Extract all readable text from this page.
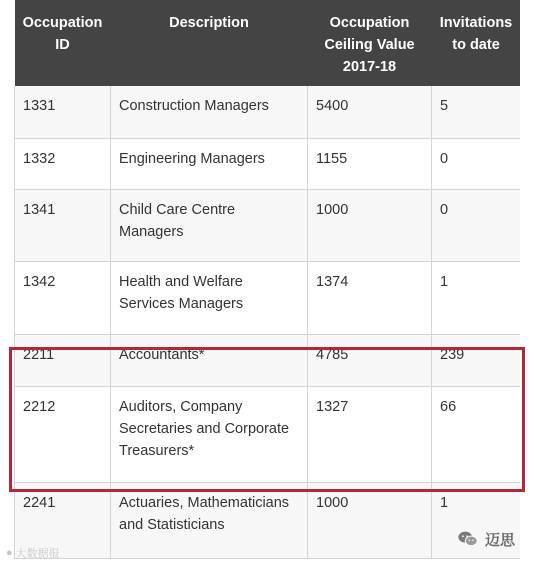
Occupation ID	Description	Occupation Ceiling Value 2017-18	Invitations to date
1331	Construction Managers	5400	5
1332	Engineering Managers	1155	0
1341	Child Care Centre Managers	1000	0
1342	Health and Welfare Services Managers	1374	1
2211	Accountants*	4785	239
2212	Auditors, Company Secretaries and Corporate Treasurers*	1327	66
2241	Actuaries, Mathematicians and Statisticians	1000	1
● 大数据报
迈思
